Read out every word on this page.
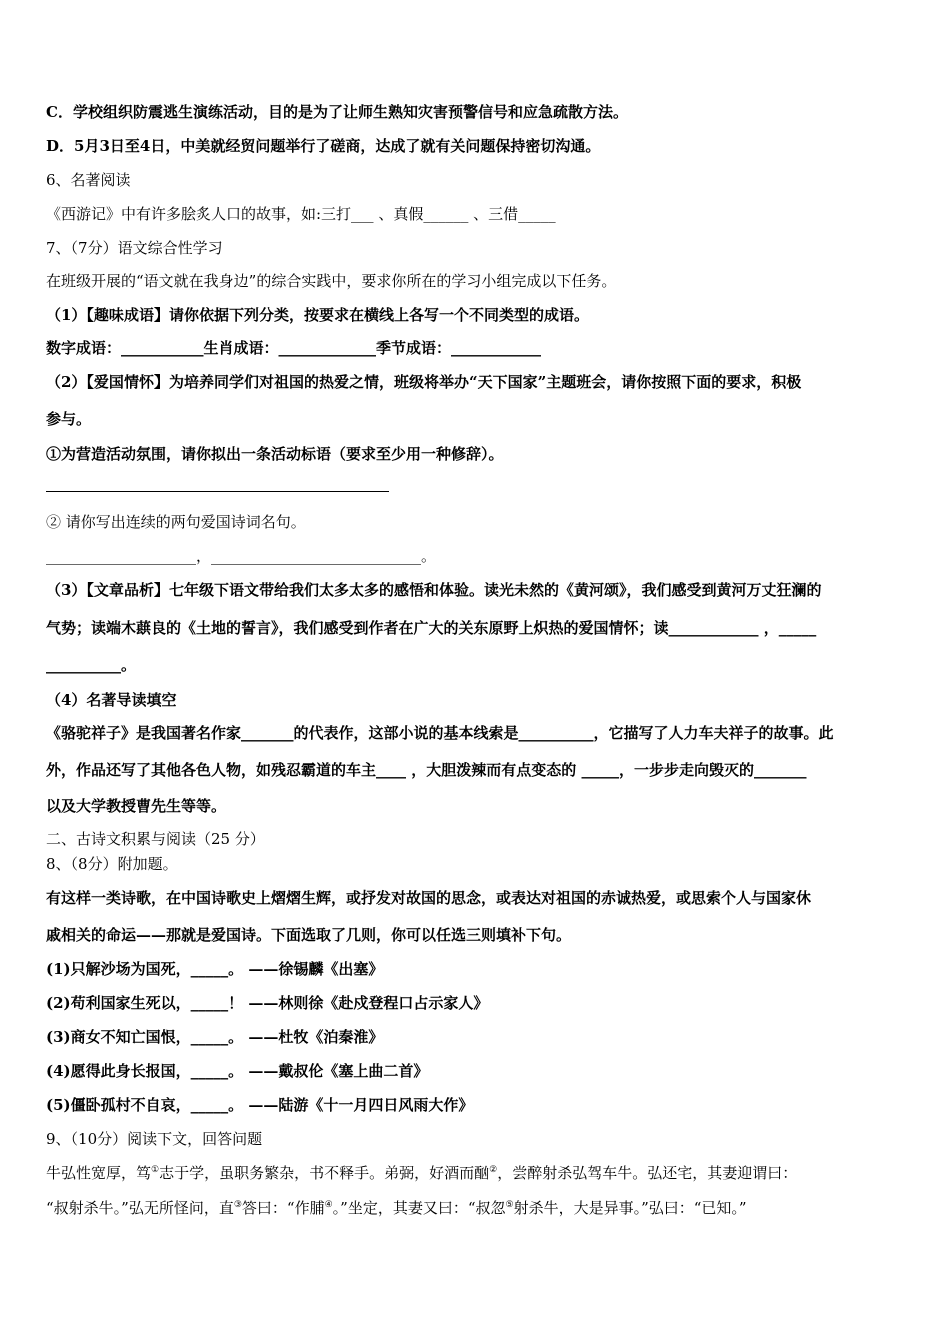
C．学校组织防震逃生演练活动，目的是为了让师生熟知灾害预警信号和应急疏散方法。
D．5月3日至4日，中美就经贸问题举行了磋商，达成了就有关问题保持密切沟通。
6、名著阅读
《西游记》中有许多脍炙人口的故事，如:三打___ 、真假______ 、三借_____
7、（7分）语文综合性学习
在班级开展的“语文就在我身边”的综合实践中，要求你所在的学习小组完成以下任务。
（1）【趣味成语】请你依据下列分类，按要求在横线上各写一个不同类型的成语。
数字成语：___________生肖成语：_____________季节成语：____________
（2）【爱国情怀】为培养同学们对祖国的热爱之情，班级将举办“天下国家”主题班会，请你按照下面的要求，积极
参与。
①为营造活动氛围，请你拟出一条活动标语（要求至少用一种修辞）。
② 请你写出连续的两句爱国诗词名句。
____________________，____________________________。
（3）【文章品析】七年级下语文带给我们太多太多的感悟和体验。读光未然的《黄河颂》，我们感受到黄河万丈狂澜的
气势；读端木蕻良的《土地的誓言》，我们感受到作者在广大的关东原野上炽热的爱国情怀；读____________ ，_____
__________。
（4）名著导读填空
《骆驼祥子》是我国著名作家_______的代表作，这部小说的基本线索是__________，它描写了人力车夫祥子的故事。此
外，作品还写了其他各色人物，如残忍霸道的车主____ ，大胆泼辣而有点变态的 _____，一步步走向毁灭的_______
以及大学教授曹先生等等。
二、古诗文积累与阅读（25 分）
8、（8分）附加题。
有这样一类诗歌，在中国诗歌史上熠熠生辉，或抒发对故国的思念，或表达对祖国的赤诚热爱，或思索个人与国家休
戚相关的命运——那就是爱国诗。下面选取了几则，你可以任选三则填补下句。
(1)只解沙场为国死，_____。 ——徐锡麟《出塞》
(2)苟利国家生死以，_____！ ——林则徐《赴戍登程口占示家人》
(3)商女不知亡国恨，_____。 ——杜牧《泊秦淮》
(4)愿得此身长报国，_____。 ——戴叔伦《塞上曲二首》
(5)僵卧孤村不自哀，_____。 ——陆游《十一月四日风雨大作》
9、（10分）阅读下文，回答问题
牛弘性宽厚，笃①志于学，虽职务繁杂，书不释手。弟弼，好酒而酗②，尝醉射杀弘驾车牛。弘还宅，其妻迎谓曰：
“叔射杀牛。”弘无所怪问，直③答曰：“作脯④。”坐定，其妻又曰：“叔忽⑤射杀牛，大是异事。”弘曰：“已知。”
